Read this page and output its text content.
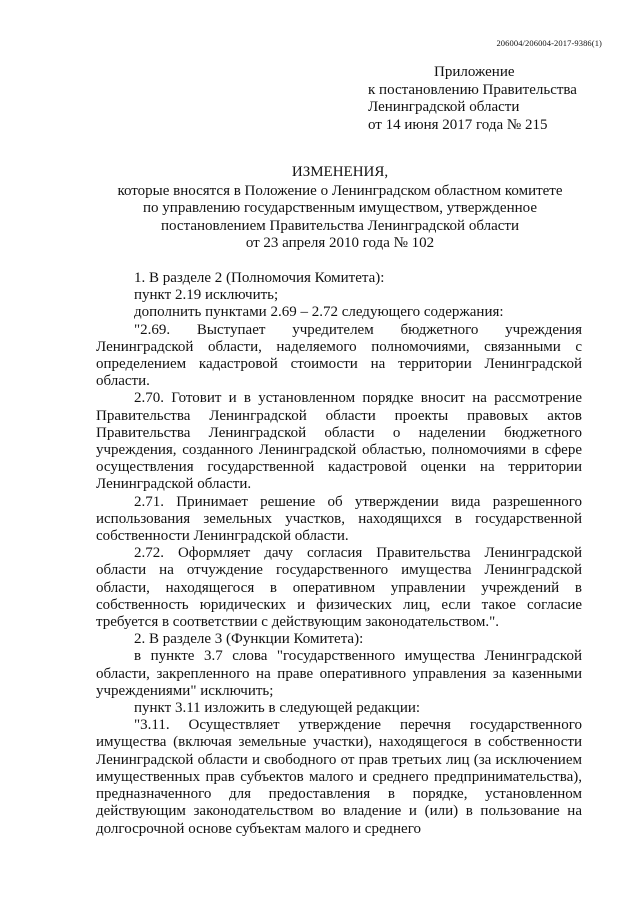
206004/206004-2017-9386(1)
Приложение
к постановлению Правительства
Ленинградской области
от 14 июня 2017 года № 215
ИЗМЕНЕНИЯ,
которые вносятся в Положение о Ленинградском областном комитете
по управлению государственным имуществом, утвержденное
постановлением Правительства Ленинградской области
от 23 апреля 2010 года № 102

1. В разделе 2 (Полномочия Комитета):

пункт 2.19 исключить;

дополнить пунктами 2.69 – 2.72 следующего содержания:

"2.69. Выступает учредителем бюджетного учреждения Ленинградской области, наделяемого полномочиями, связанными с определением кадастровой стоимости на территории Ленинградской области.

2.70. Готовит и в установленном порядке вносит на рассмотрение Правительства Ленинградской области проекты правовых актов Правительства Ленинградской области о наделении бюджетного учреждения, созданного Ленинградской областью, полномочиями в сфере осуществления государственной кадастровой оценки на территории Ленинградской области.

2.71. Принимает решение об утверждении вида разрешенного использования земельных участков, находящихся в государственной собственности Ленинградской области.

2.72. Оформляет дачу согласия Правительства Ленинградской области на отчуждение государственного имущества Ленинградской области, находящегося в оперативном управлении учреждений в собственность юридических и физических лиц, если такое согласие требуется в соответствии с действующим законодательством.".

2. В разделе 3 (Функции Комитета):

в пункте 3.7 слова "государственного имущества Ленинградской области, закрепленного на праве оперативного управления за казенными учреждениями" исключить;

пункт 3.11 изложить в следующей редакции:

"3.11. Осуществляет утверждение перечня государственного имущества (включая земельные участки), находящегося в собственности Ленинградской области и свободного от прав третьих лиц (за исключением имущественных прав субъектов малого и среднего предпринимательства), предназначенного для предоставления в порядке, установленном действующим законодательством во владение и (или) в пользование на долгосрочной основе субъектам малого и среднего
